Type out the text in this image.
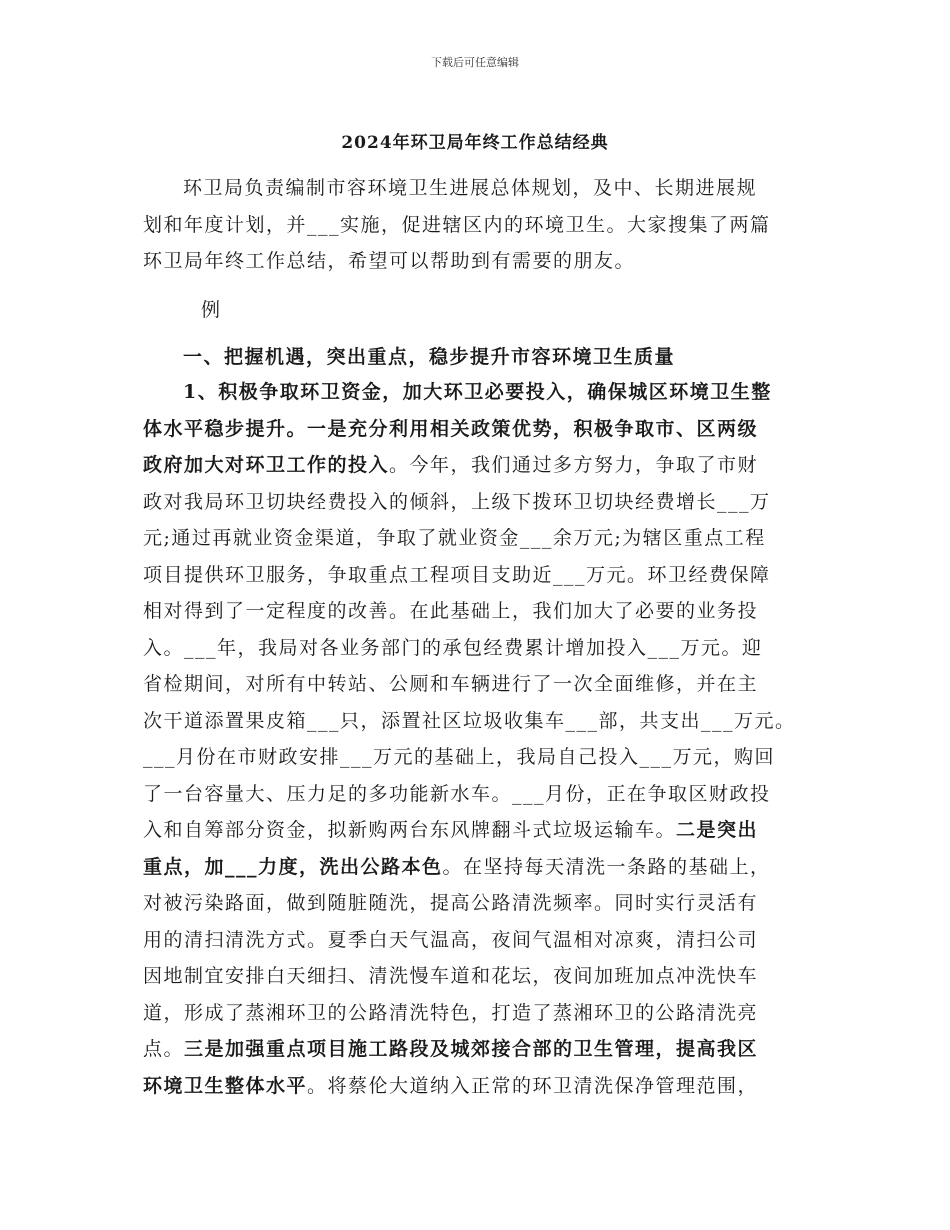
下载后可任意编辑
2024年环卫局年终工作总结经典
环卫局负责编制市容环境卫生进展总体规划，及中、长期进展规
划和年度计划，并___实施，促进辖区内的环境卫生。大家搜集了两篇
环卫局年终工作总结，希望可以帮助到有需要的朋友。
例
一、把握机遇，突出重点，稳步提升市容环境卫生质量
1、积极争取环卫资金，加大环卫必要投入，确保城区环境卫生整
体水平稳步提升。一是充分利用相关政策优势，积极争取市、区两级
政府加大对环卫工作的投入。今年，我们通过多方努力，争取了市财
政对我局环卫切块经费投入的倾斜，上级下拨环卫切块经费增长___万
元;通过再就业资金渠道，争取了就业资金___余万元;为辖区重点工程
项目提供环卫服务，争取重点工程项目支助近___万元。环卫经费保障
相对得到了一定程度的改善。在此基础上，我们加大了必要的业务投
入。___年，我局对各业务部门的承包经费累计增加投入___万元。迎
省检期间，对所有中转站、公厕和车辆进行了一次全面维修，并在主
次干道添置果皮箱___只，添置社区垃圾收集车___部，共支出___万元。
___月份在市财政安排___万元的基础上，我局自己投入___万元，购回
了一台容量大、压力足的多功能新水车。___月份，正在争取区财政投
入和自筹部分资金，拟新购两台东风牌翻斗式垃圾运输车。二是突出
重点，加___力度，洗出公路本色。在坚持每天清洗一条路的基础上，
对被污染路面，做到随脏随洗，提高公路清洗频率。同时实行灵活有
用的清扫清洗方式。夏季白天气温高，夜间气温相对凉爽，清扫公司
因地制宜安排白天细扫、清洗慢车道和花坛，夜间加班加点冲洗快车
道，形成了蒸湘环卫的公路清洗特色，打造了蒸湘环卫的公路清洗亮
点。三是加强重点项目施工路段及城郊接合部的卫生管理，提高我区
环境卫生整体水平。将蔡伦大道纳入正常的环卫清洗保净管理范围，
